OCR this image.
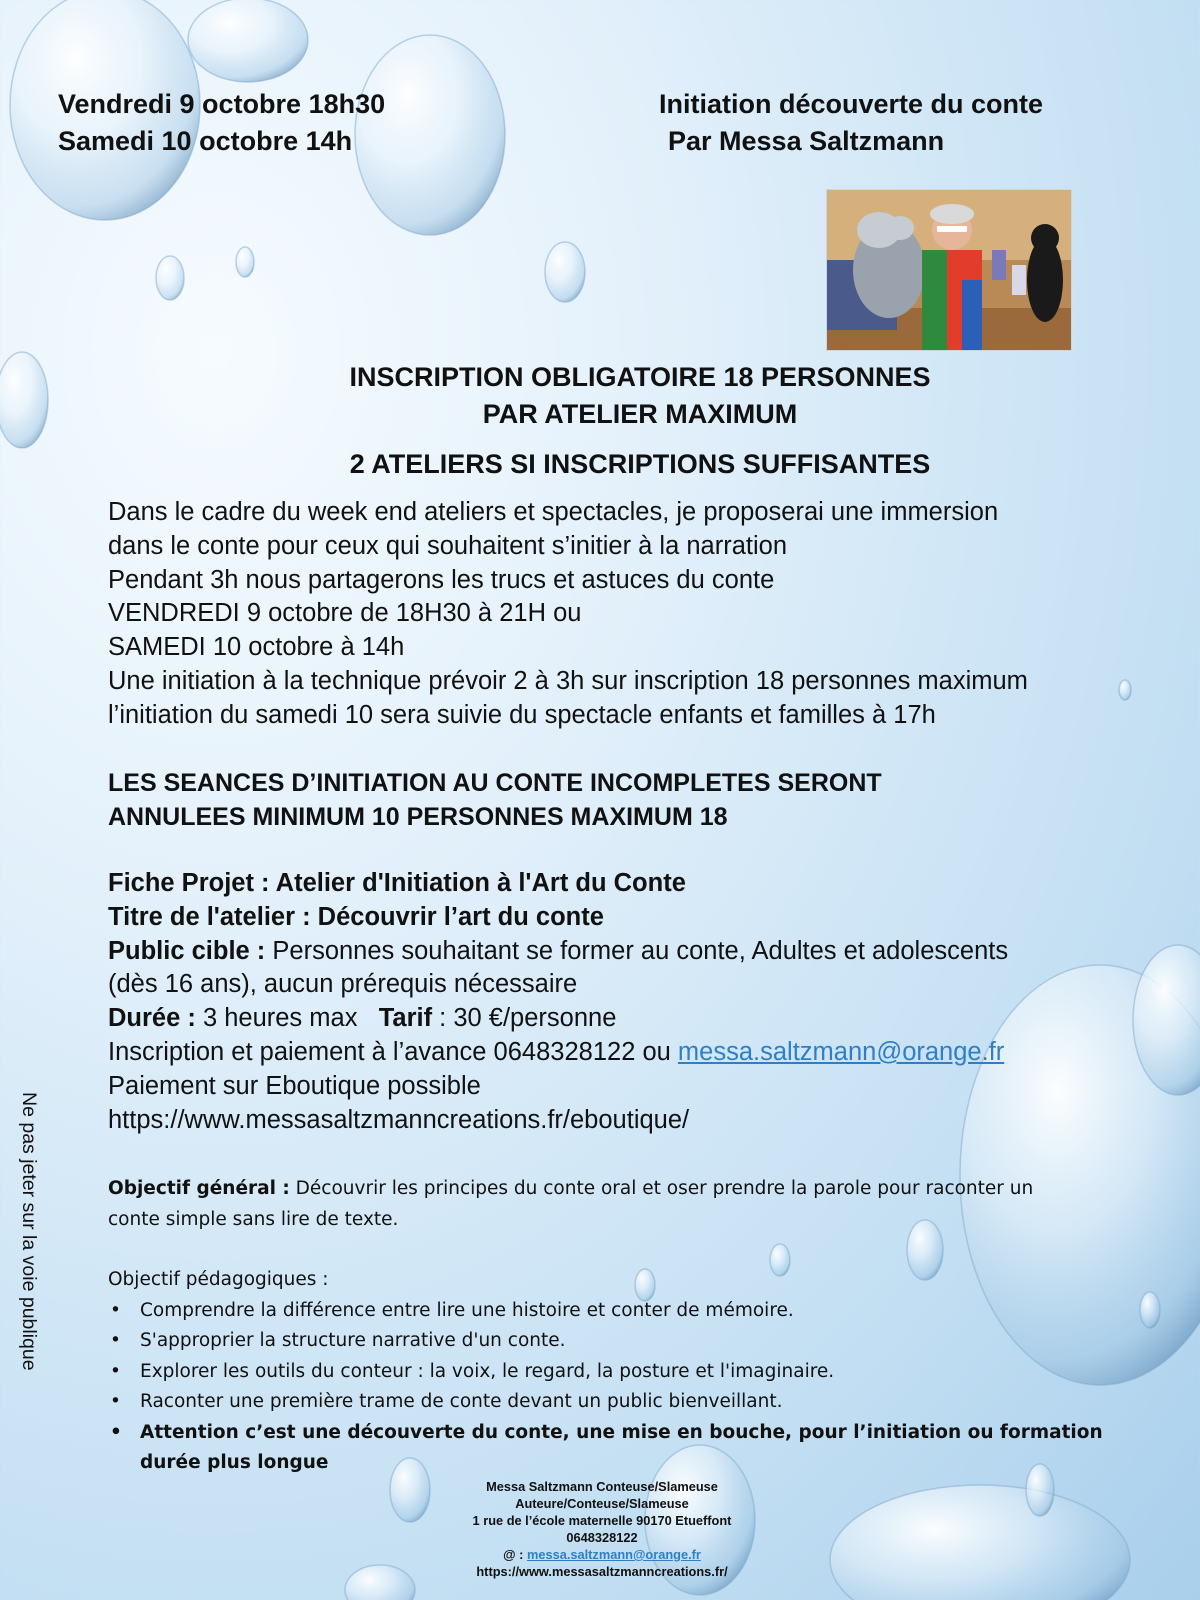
Vendredi 9 octobre 18h30
Samedi 10 octobre 14h
Initiation découverte du conte
Par Messa Saltzmann
INSCRIPTION OBLIGATOIRE 18 PERSONNES
PAR ATELIER MAXIMUM
2 ATELIERS SI INSCRIPTIONS SUFFISANTES
Dans le cadre du week end ateliers et spectacles, je proposerai une immersion
dans le conte pour ceux qui souhaitent s’initier à la narration
Pendant 3h nous partagerons les trucs et astuces du conte
VENDREDI 9 octobre de 18H30 à 21H ou
SAMEDI 10 octobre à 14h
Une initiation à la technique prévoir 2 à 3h sur inscription 18 personnes maximum
l’initiation du samedi 10 sera suivie du spectacle enfants et familles à 17h
LES SEANCES D’INITIATION AU CONTE INCOMPLETES SERONT
ANNULEES MINIMUM 10 PERSONNES MAXIMUM 18
Fiche Projet : Atelier d'Initiation à l'Art du Conte
Titre de l'atelier : Découvrir l’art du conte
Public cible : Personnes souhaitant se former au conte, Adultes et adolescents
(dès 16 ans), aucun prérequis nécessaire
Durée : 3 heures max   Tarif : 30 €/personne
Inscription et paiement à l’avance 0648328122 ou messa.saltzmann@orange.fr
Paiement sur Eboutique possible
https://www.messasaltzmanncreations.fr/eboutique/
Objectif général : Découvrir les principes du conte oral et oser prendre la parole pour raconter un
conte simple sans lire de texte.
Objectif pédagogiques :
• Comprendre la différence entre lire une histoire et conter de mémoire.
• S'approprier la structure narrative d'un conte.
• Explorer les outils du conteur : la voix, le regard, la posture et l'imaginaire.
• Raconter une première trame de conte devant un public bienveillant.
• Attention c’est une découverte du conte, une mise en bouche, pour l’initiation ou formation
durée plus longue
Ne pas jeter sur la voie publique
Messa Saltzmann Conteuse/Slameuse
Auteure/Conteuse/Slameuse
1 rue de l’école maternelle 90170 Etueffont
0648328122
@ : messa.saltzmann@orange.fr
https://www.messasaltzmanncreations.fr/
